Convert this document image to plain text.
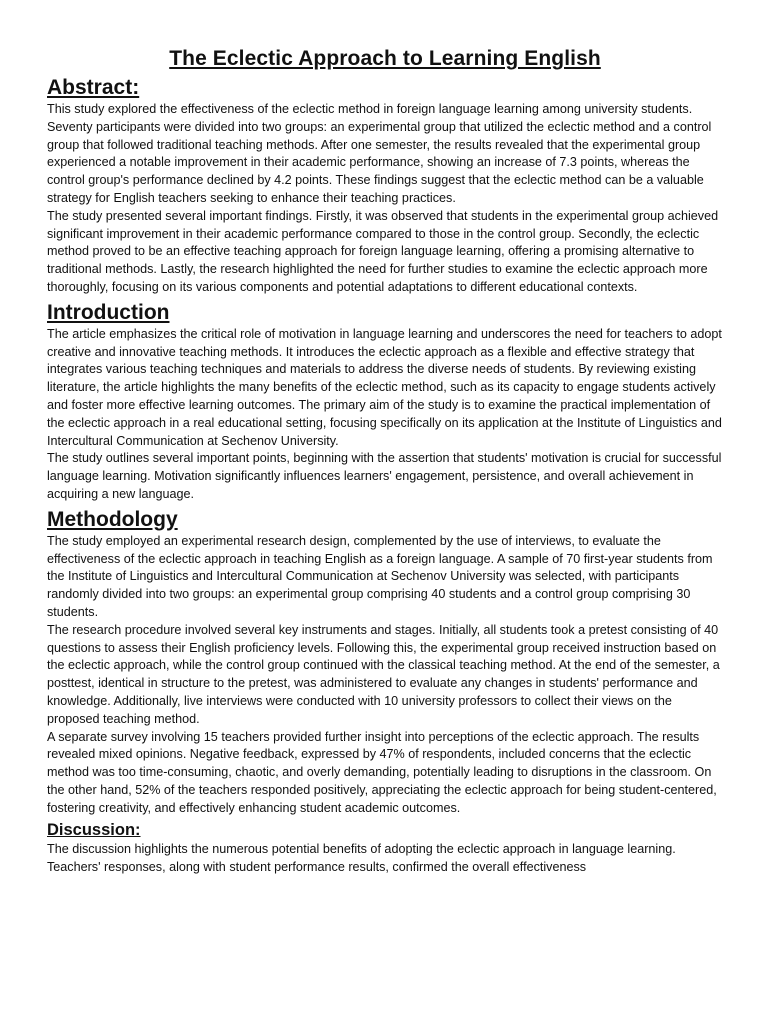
The Eclectic Approach to Learning English
Abstract:

This study explored the effectiveness of the eclectic method in foreign language learning among university students. Seventy participants were divided into two groups: an experimental group that utilized the eclectic method and a control group that followed traditional teaching methods. After one semester, the results revealed that the experimental group experienced a notable improvement in their academic performance, showing an increase of 7.3 points, whereas the control group's performance declined by 4.2 points. These findings suggest that the eclectic method can be a valuable strategy for English teachers seeking to enhance their teaching practices.

The study presented several important findings. Firstly, it was observed that students in the experimental group achieved significant improvement in their academic performance compared to those in the control group. Secondly, the eclectic method proved to be an effective teaching approach for foreign language learning, offering a promising alternative to traditional methods. Lastly, the research highlighted the need for further studies to examine the eclectic approach more thoroughly, focusing on its various components and potential adaptations to different educational contexts.

Introduction

The article emphasizes the critical role of motivation in language learning and underscores the need for teachers to adopt creative and innovative teaching methods. It introduces the eclectic approach as a flexible and effective strategy that integrates various teaching techniques and materials to address the diverse needs of students. By reviewing existing literature, the article highlights the many benefits of the eclectic method, such as its capacity to engage students actively and foster more effective learning outcomes. The primary aim of the study is to examine the practical implementation of the eclectic approach in a real educational setting, focusing specifically on its application at the Institute of Linguistics and Intercultural Communication at Sechenov University.

The study outlines several important points, beginning with the assertion that students' motivation is crucial for successful language learning. Motivation significantly influences learners' engagement, persistence, and overall achievement in acquiring a new language.

Methodology

The study employed an experimental research design, complemented by the use of interviews, to evaluate the effectiveness of the eclectic approach in teaching English as a foreign language. A sample of 70 first-year students from the Institute of Linguistics and Intercultural Communication at Sechenov University was selected, with participants randomly divided into two groups: an experimental group comprising 40 students and a control group comprising 30 students.

The research procedure involved several key instruments and stages. Initially, all students took a pretest consisting of 40 questions to assess their English proficiency levels. Following this, the experimental group received instruction based on the eclectic approach, while the control group continued with the classical teaching method. At the end of the semester, a posttest, identical in structure to the pretest, was administered to evaluate any changes in students' performance and knowledge. Additionally, live interviews were conducted with 10 university professors to collect their views on the proposed teaching method.

A separate survey involving 15 teachers provided further insight into perceptions of the eclectic approach. The results revealed mixed opinions. Negative feedback, expressed by 47% of respondents, included concerns that the eclectic method was too time-consuming, chaotic, and overly demanding, potentially leading to disruptions in the classroom. On the other hand, 52% of the teachers responded positively, appreciating the eclectic approach for being student-centered, fostering creativity, and effectively enhancing student academic outcomes.

Discussion:

The discussion highlights the numerous potential benefits of adopting the eclectic approach in language learning. Teachers' responses, along with student performance results, confirmed the overall effectiveness
